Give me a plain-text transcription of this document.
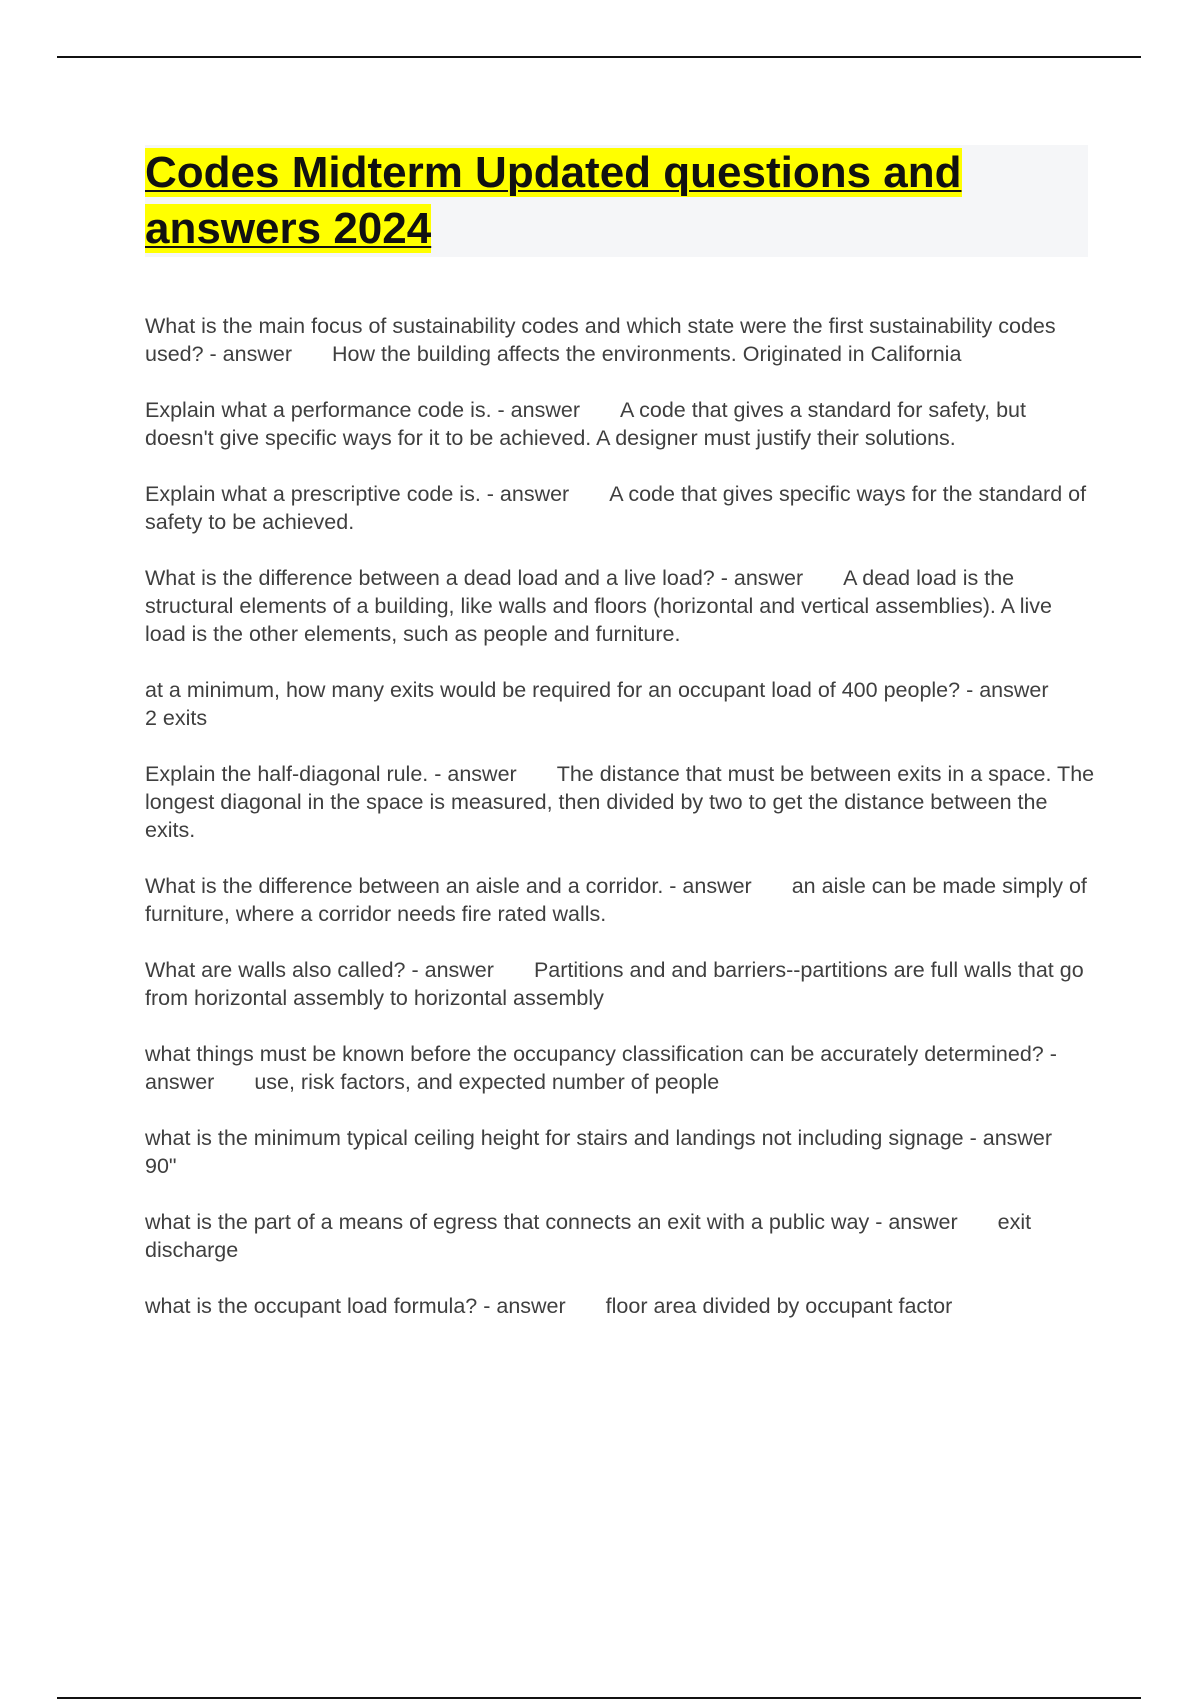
Codes Midterm Updated questions and answers 2024

What is the main focus of sustainability codes and which state were the first sustainability codes used? - answer How the building affects the environments. Originated in California

Explain what a performance code is. - answer A code that gives a standard for safety, but doesn't give specific ways for it to be achieved. A designer must justify their solutions.

Explain what a prescriptive code is. - answer A code that gives specific ways for the standard of safety to be achieved.

What is the difference between a dead load and a live load? - answer A dead load is the structural elements of a building, like walls and floors (horizontal and vertical assemblies). A live load is the other elements, such as people and furniture.

at a minimum, how many exits would be required for an occupant load of 400 people? - answer2 exits

Explain the half-diagonal rule. - answer The distance that must be between exits in a space. The longest diagonal in the space is measured, then divided by two to get the distance between the exits.

What is the difference between an aisle and a corridor. - answer an aisle can be made simply of furniture, where a corridor needs fire rated walls.

What are walls also called? - answer Partitions and and barriers--partitions are full walls that go from horizontal assembly to horizontal assembly

what things must be known before the occupancy classification can be accurately determined? - answer use, risk factors, and expected number of people

what is the minimum typical ceiling height for stairs and landings not including signage - answer90"

what is the part of a means of egress that connects an exit with a public way - answer exit discharge

what is the occupant load formula? - answer floor area divided by occupant factor
